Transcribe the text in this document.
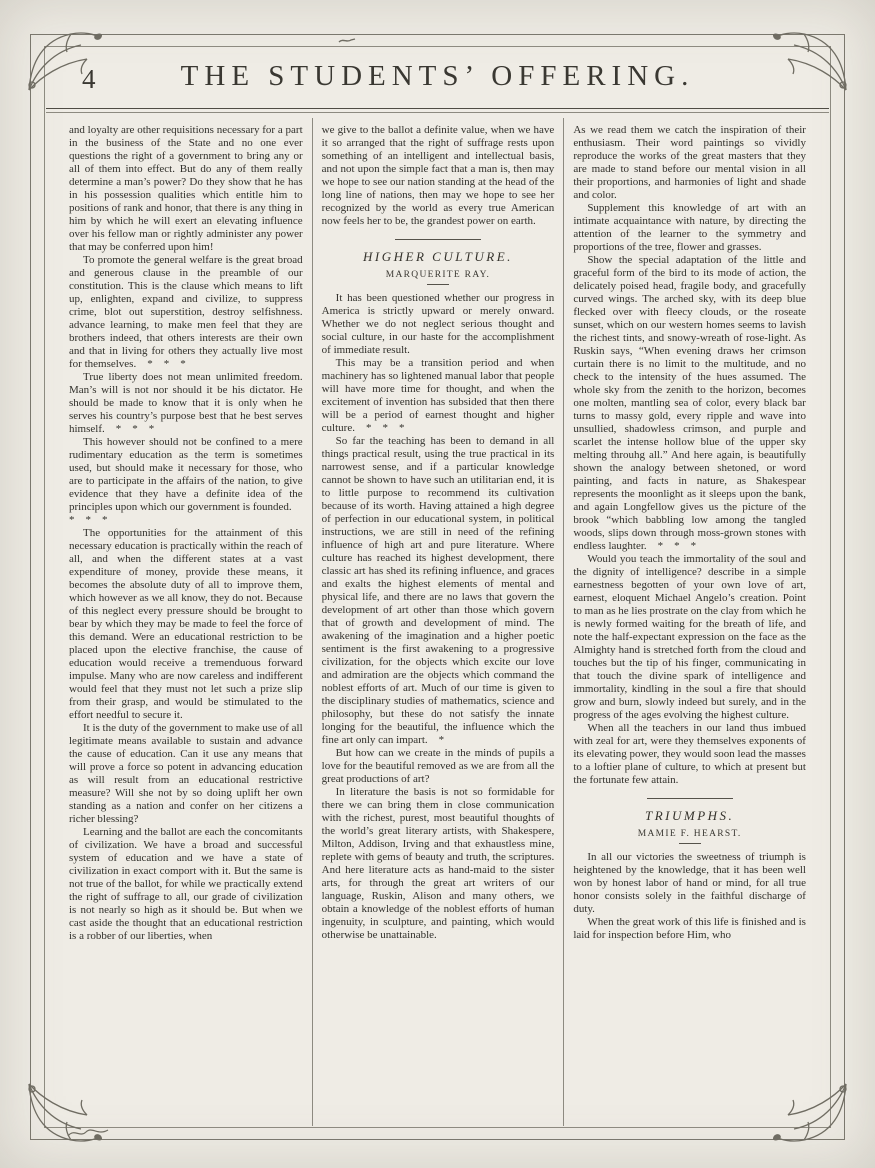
4	THE STUDENTS’ OFFERING.

and loyalty are other requisitions necessary for a part in the business of the State and no one ever questions the right of a government to bring any or all of them into effect. But do any of them really determine a man’s power? Do they show that he has in his possession qualities which entitle him to positions of rank and honor, that there is any thing in him by which he will exert an elevating influence over his fellow man or rightly administer any power that may be conferred upon him!

To promote the general welfare is the great broad and generous clause in the preamble of our constitution. This is the clause which means to lift up, enlighten, expand and civilize, to suppress crime, blot out superstition, destroy selfishness. advance learning, to make men feel that they are brothers indeed, that others interests are their own and that in living for others they actually live most for themselves. * * *

True liberty does not mean unlimited freedom. Man’s will is not nor should it be his dictator. He should be made to know that it is only when he serves his country’s purpose best that he best serves himself. * * *

This however should not be confined to a mere rudimentary education as the term is sometimes used, but should make it necessary for those, who are to participate in the affairs of the nation, to give evidence that they have a definite idea of the principles upon which our government is founded. * * *

The opportunities for the attainment of this necessary education is practically within the reach of all, and when the different states at a vast expenditure of money, provide these means, it becomes the absolute duty of all to improve them, which however as we all know, they do not. Because of this neglect every pressure should be brought to bear by which they may be made to feel the force of this demand. Were an educational restriction to be placed upon the elective franchise, the cause of education would receive a tremenduous forward impulse. Many who are now careless and indifferent would feel that they must not let such a prize slip from their grasp, and would be stimulated to the effort needful to secure it.

It is the duty of the government to make use of all legitimate means available to sustain and advance the cause of education. Can it use any means that will prove a force so potent in advancing education as will result from an educational restrictive measure? Will she not by so doing uplift her own standing as a nation and confer on her citizens a richer blessing?

Learning and the ballot are each the concomitants of civilization. We have a broad and successful system of education and we have a state of civilization in exact comport with it. But the same is not true of the ballot, for while we practically extend the right of suffrage to all, our grade of civilization is not nearly so high as it should be. But when we cast aside the thought that an educational restriction is a robber of our liberties, when

we give to the ballot a definite value, when we have it so arranged that the right of suffrage rests upon something of an intelligent and intellectual basis, and not upon the simple fact that a man is, then may we hope to see our nation standing at the head of the long line of nations, then may we hope to see her recognized by the world as every true American now feels her to be, the grandest power on earth.

HIGHER CULTURE.
MARQUERITE RAY.

It has been questioned whether our progress in America is strictly upward or merely onward. Whether we do not neglect serious thought and social culture, in our haste for the accomplishment of immediate result.

This may be a transition period and when machinery has so lightened manual labor that people will have more time for thought, and when the excitement of invention has subsided that then there will be a period of earnest thought and higher culture. * * *

So far the teaching has been to demand in all things practical result, using the true practical in its narrowest sense, and if a particular knowledge cannot be shown to have such an utilitarian end, it is to little purpose to recommend its cultivation because of its worth. Having attained a high degree of perfection in our educational system, in political instructions, we are still in need of the refining influence of high art and pure literature. Where culture has reached its highest development, there classic art has shed its refining influence, and graces and exalts the highest elements of mental and physical life, and there are no laws that govern the development of art other than those which govern that of growth and development of mind. The awakening of the imagination and a higher poetic sentiment is the first awakening to a progressive civilization, for the objects which excite our love and admiration are the objects which command the noblest efforts of art. Much of our time is given to the disciplinary studies of mathematics, science and philosophy, but these do not satisfy the innate longing for the beautiful, the influence which the fine art only can impart. *

But how can we create in the minds of pupils a love for the beautiful removed as we are from all the great productions of art?

In literature the basis is not so formidable for there we can bring them in close communication with the richest, purest, most beautiful thoughts of the world’s great literary artists, with Shakespere, Milton, Addison, Irving and that exhaustless mine, replete with gems of beauty and truth, the scriptures. And here literature acts as hand-maid to the sister arts, for through the great art writers of our language, Ruskin, Alison and many others, we obtain a knowledge of the noblest efforts of human ingenuity, in sculpture, and painting, which would otherwise be unattainable.

As we read them we catch the inspiration of their enthusiasm. Their word paintings so vividly reproduce the works of the great masters that they are made to stand before our mental vision in all their proportions, and harmonies of light and shade and color.

Supplement this knowledge of art with an intimate acquaintance with nature, by directing the attention of the learner to the symmetry and proportions of the tree, flower and grasses.

Show the special adaptation of the little and graceful form of the bird to its mode of action, the delicately poised head, fragile body, and gracefully curved wings. The arched sky, with its deep blue flecked over with fleecy clouds, or the roseate sunset, which on our western homes seems to lavish the richest tints, and snowy-wreath of rose-light. As Ruskin says, “When evening draws her crimson curtain there is no limit to the multitude, and no check to the intensity of the hues assumed. The whole sky from the zenith to the horizon, becomes one molten, mantling sea of color, every black bar turns to massy gold, every ripple and wave into unsullied, shadowless crimson, and purple and scarlet the intense hollow blue of the upper sky melting throuhg all.” And here again, is beautifully shown the analogy between shetoned, or word painting, and facts in nature, as Shakespear represents the moonlight as it sleeps upon the bank, and again Longfellow gives us the picture of the brook “which babbling low among the tangled woods, slips down through moss-grown stones with endless laughter. * * *

Would you teach the immortality of the soul and the dignity of intelligence? describe in a simple earnestness begotten of your own love of art, earnest, eloquent Michael Angelo’s creation. Point to man as he lies prostrate on the clay from which he is newly formed waiting for the breath of life, and note the half-expectant expression on the face as the Almighty hand is stretched forth from the cloud and touches but the tip of his finger, communicating in that touch the divine spark of intelligence and immortality, kindling in the soul a fire that should grow and burn, slowly indeed but surely, and in the progress of the ages evolving the highest culture.

When all the teachers in our land thus imbued with zeal for art, were they themselves exponents of its elevating power, they would soon lead the masses to a loftier plane of culture, to which at present but the fortunate few attain.

TRIUMPHS.
MAMIE F. HEARST.

In all our victories the sweetness of triumph is heightened by the knowledge, that it has been well won by honest labor of hand or mind, for all true honor consists solely in the faithful discharge of duty.

When the great work of this life is finished and is laid for inspection before Him, who
